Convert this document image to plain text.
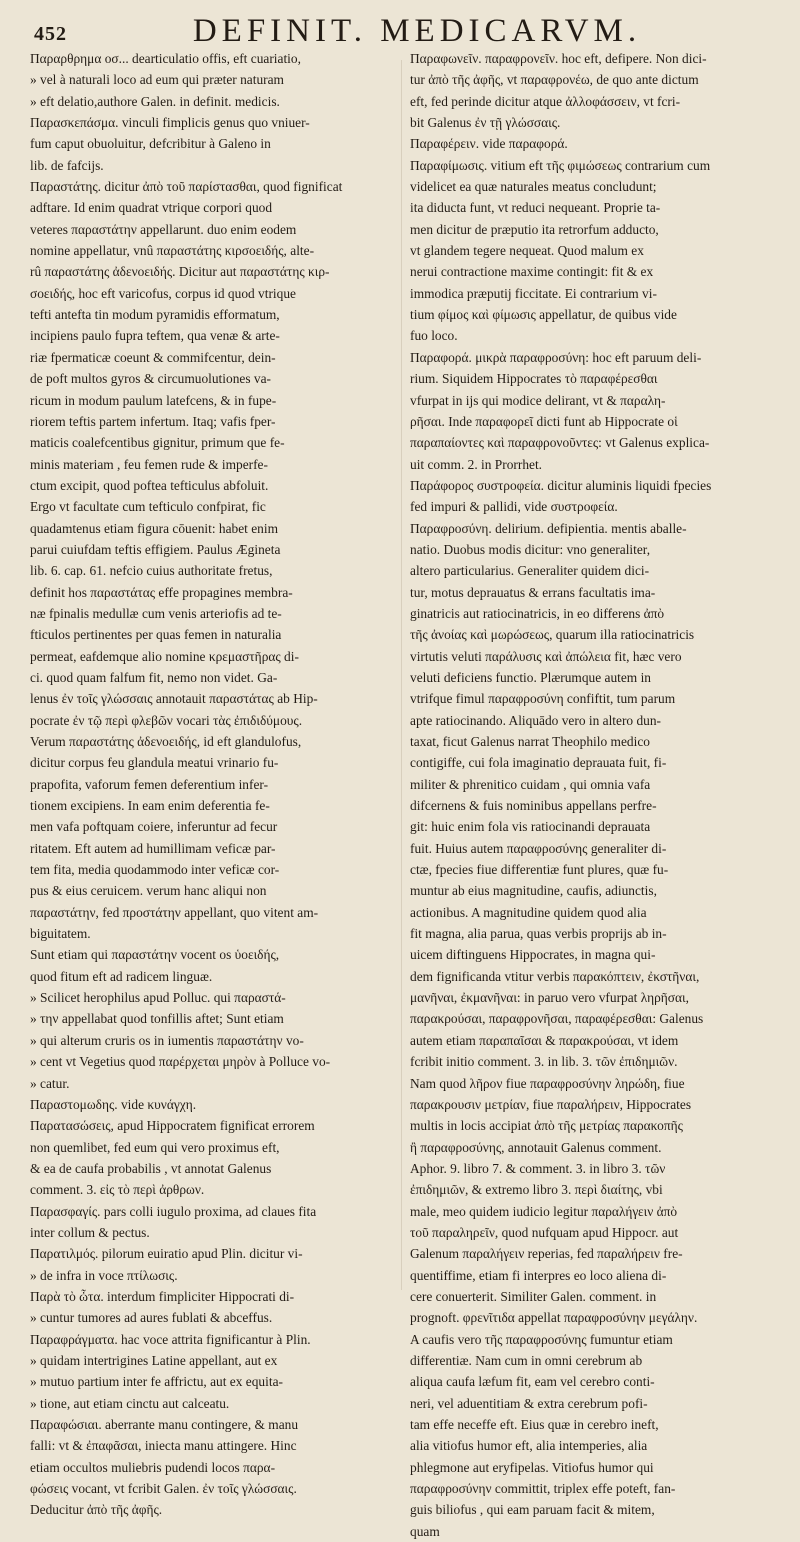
452	DEFINIT. MEDICARVM.
Παραρθρημα οσ... dearticulatio offis, eft cuariatio,
» vel à naturali loco ad eum qui præter naturam
» eft delatio,authore Galen. in definit. medicis.
Παρασκεπάσμα. vinculi fimplicis genus quo vniuer-
fum caput obuoluitur, defcribitur à Galeno in
lib. de fafcijs.
Παραστάτης. dicitur ἀπὸ τοῦ παρίστασθαι, quod fignificat
adftare. Id enim quadrat vtrique corpori quod
veteres παραστάτην appellarunt. duo enim eodem
nomine appellatur, vnû παραστάτης κιρσοειδής, alte-
rû παραστάτης ἀδενοειδής. Dicitur aut παραστάτης κιρ-
σοειδής, hoc eft varicofus, corpus id quod vtrique
tefti antefta tin modum pyramidis efformatum,
incipiens paulo fupra teftem, qua venæ & arte-
riæ fpermaticæ coeunt & commifcentur, dein-
de poft multos gyros & circumuolutiones va-
ricum in modum paulum latefcens, & in fupe-
riorem teftis partem infertum. Itaq; vafis fper-
maticis coalefcentibus gignitur, primum que fe-
minis materiam , feu femen rude & imperfe-
ctum excipit, quod poftea tefticulus abfoluit.
Ergo vt facultate cum tefticulo confpirat, fic
quadamtenus etiam figura cōuenit: habet enim
parui cuiufdam teftis effigiem. Paulus Ægineta
lib. 6. cap. 61. nefcio cuius authoritate fretus,
definit hos παραστάτας effe propagines membra-
næ fpinalis medullæ cum venis arteriofis ad te-
fticulos pertinentes per quas femen in naturalia
permeat, eafdemque alio nomine κρεμαστῆρας di-
ci. quod quam falfum fit, nemo non videt. Ga-
lenus ἐν τοῖς γλώσσαις annotauit παραστάτας ab Hip-
pocrate ἐν τῷ περὶ φλεβῶν vocari τὰς ἐπιδιδύμους.
Verum παραστάτης ἀδενοειδής, id eft glandulofus,
dicitur corpus feu glandula meatui vrinario fu-
prapofita, vaforum femen deferentium infer-
tionem excipiens. In eam enim deferentia fe-
men vafa poftquam coiere, inferuntur ad fecur
ritatem. Eft autem ad humillimam veficæ par-
tem fita, media quodammodo inter veficæ cor-
pus & eius ceruicem. verum hanc aliqui non
παραστάτην, fed προστάτην appellant, quo vitent am-
biguitatem.
Sunt etiam qui παραστάτην vocent os ὑοειδής,
quod fitum eft ad radicem linguæ.
» Scilicet herophilus apud Polluc. qui παραστά-
» την appellabat quod tonfillis aftet; Sunt etiam
» qui alterum cruris os in iumentis παραστάτην vo-
» cent vt Vegetius quod παρέρχεται μηρὸν à Polluce vo-
» catur.
Παραστομωδης. vide κυνάγχη.
Παρατασώσεις, apud Hippocratem fignificat errorem
non quemlibet, fed eum qui vero proximus eft,
& ea de caufa probabilis , vt annotat Galenus
comment. 3. εἰς τὸ περὶ ἀρθρων.
Παρασφαγίς. pars colli iugulo proxima, ad claues fita
inter collum & pectus.
Παρατιλμός. pilorum euiratio apud Plin. dicitur vi-
» de infra in voce πτίλωσις.
Παρὰ τὸ ὦτα. interdum fimpliciter Hippocrati di-
» cuntur tumores ad aures fublati & abceffus.
Παραφράγματα. hac voce attrita fignificantur à Plin.
» quidam intertrigines Latine appellant, aut ex
» mutuo partium inter fe affrictu, aut ex equita-
» tione, aut etiam cinctu aut calceatu.
Παραφώσιαι. aberrante manu contingere, & manu
falli: vt & ἐπαφᾶσαι, iniecta manu attingere. Hinc
etiam occultos muliebris pudendi locos παρα-
φώσεις vocant, vt fcribit Galen. ἐν τοῖς γλώσσαις.
Deducitur ἀπὸ τῆς ἀφῆς.
Παραφωνεῖν. παραφρονεῖν. hoc eft, defipere. Non dici-
tur ἀπὸ τῆς ἀφῆς, vt παραφρονέω, de quo ante dictum
eft, fed perinde dicitur atque ἀλλοφάσσειν, vt fcri-
bit Galenus ἐν τῇ γλώσσαις.
Παραφέρειν. vide παραφορά.
Παραφίμωσις. vitium eft τῆς φιμώσεως contrarium cum
videlicet ea quæ naturales meatus concludunt;
ita diducta funt, vt reduci nequeant. Proprie ta-
men dicitur de præputio ita retrorfum adducto,
vt glandem tegere nequeat. Quod malum ex
nerui contractione maxime contingit: fit & ex
immodica præputij ficcitate. Ei contrarium vi-
tium φίμος καὶ φίμωσις appellatur, de quibus vide
fuo loco.
Παραφορά. μικρὰ παραφροσύνη: hoc eft paruum deli-
rium. Siquidem Hippocrates τὸ παραφέρεσθαι
vfurpat in ijs qui modice delirant, vt & παραλη-
ρῆσαι. Inde παραφορεῖ dicti funt ab Hippocrate οἱ
παραπαίοντες καὶ παραφρονοῦντες: vt Galenus explica-
uit comm. 2. in Prorrhet.
Παράφορος συστροφεία. dicitur aluminis liquidi fpecies
fed impuri & pallidi, vide συστροφεία.
Παραφροσύνη. delirium. defipientia. mentis aballe-
natio. Duobus modis dicitur: vno generaliter,
altero particularius. Generaliter quidem dici-
tur, motus deprauatus & errans facultatis ima-
ginatricis aut ratiocinatricis, in eo differens ἀπὸ
τῆς ἀνοίας καὶ μωρώσεως, quarum illa ratiocinatricis
virtutis veluti παράλυσις καὶ ἀπώλεια fit, hæc vero
veluti deficiens functio. Plærumque autem in
vtrifque fimul παραφροσύνη confiftit, tum parum
apte ratiocinando. Aliquādo vero in altero dun-
taxat, ficut Galenus narrat Theophilo medico
contigiffe, cui fola imaginatio deprauata fuit, fi-
militer & phrenitico cuidam , qui omnia vafa
difcernens & fuis nominibus appellans perfre-
git: huic enim fola vis ratiocinandi deprauata
fuit. Huius autem παραφροσύνης generaliter di-
ctæ, fpecies fiue differentiæ funt plures, quæ fu-
muntur ab eius magnitudine, caufis, adiunctis,
actionibus. A magnitudine quidem quod alia
fit magna, alia parua, quas verbis proprijs ab in-
uicem diftinguens Hippocrates, in magna qui-
dem fignificanda vtitur verbis παρακόπτειν, ἐκστῆναι,
μανῆναι, ἐκμανῆναι: in paruo vero vfurpat ληρῆσαι,
παρακρούσαι, παραφρονῆσαι, παραφέρεσθαι: Galenus
autem etiam παραπαῖσαι & παρακρούσαι, vt idem
fcribit initio comment. 3. in lib. 3. τῶν ἐπιδημιῶν.
Nam quod λῆρον fiue παραφροσύνην ληρώδη, fiue
παρακρουσιν μετρίαν, fiue παραλήρειν, Hippocrates
multis in locis accipiat ἀπὸ τῆς μετρίας παρακοπῆς
ἢ παραφροσύνης, annotauit Galenus comment.
Aphor. 9. libro 7. & comment. 3. in libro 3. τῶν
ἐπιδημιῶν, & extremo libro 3. περὶ διαίτης, vbi
male, meo quidem iudicio legitur παραλήγειν ἀπὸ
τοῦ παραληρεῖν, quod nufquam apud Hippocr. aut
Galenum παραλήγειν reperias, fed παραλήρειν fre-
quentiffime, etiam fi interpres eo loco aliena di-
cere conuerterit. Similiter Galen. comment. in
prognoft. φρενῖτιδα appellat παραφροσύνην μεγάλην.
A caufis vero τῆς παραφροσύνης fumuntur etiam
differentiæ. Nam cum in omni cerebrum ab
aliqua caufa læfum fit, eam vel cerebro conti-
neri, vel aduentitiam & extra cerebrum pofi-
tam effe neceffe eft. Eius quæ in cerebro ineft,
alia vitiofus humor eft, alia intemperies, alia
phlegmone aut eryfipelas. Vitiofus humor qui
παραφροσύνην committit, triplex effe poteft, fan-
guis biliofus , qui eam paruam facit & mitem,
quam
